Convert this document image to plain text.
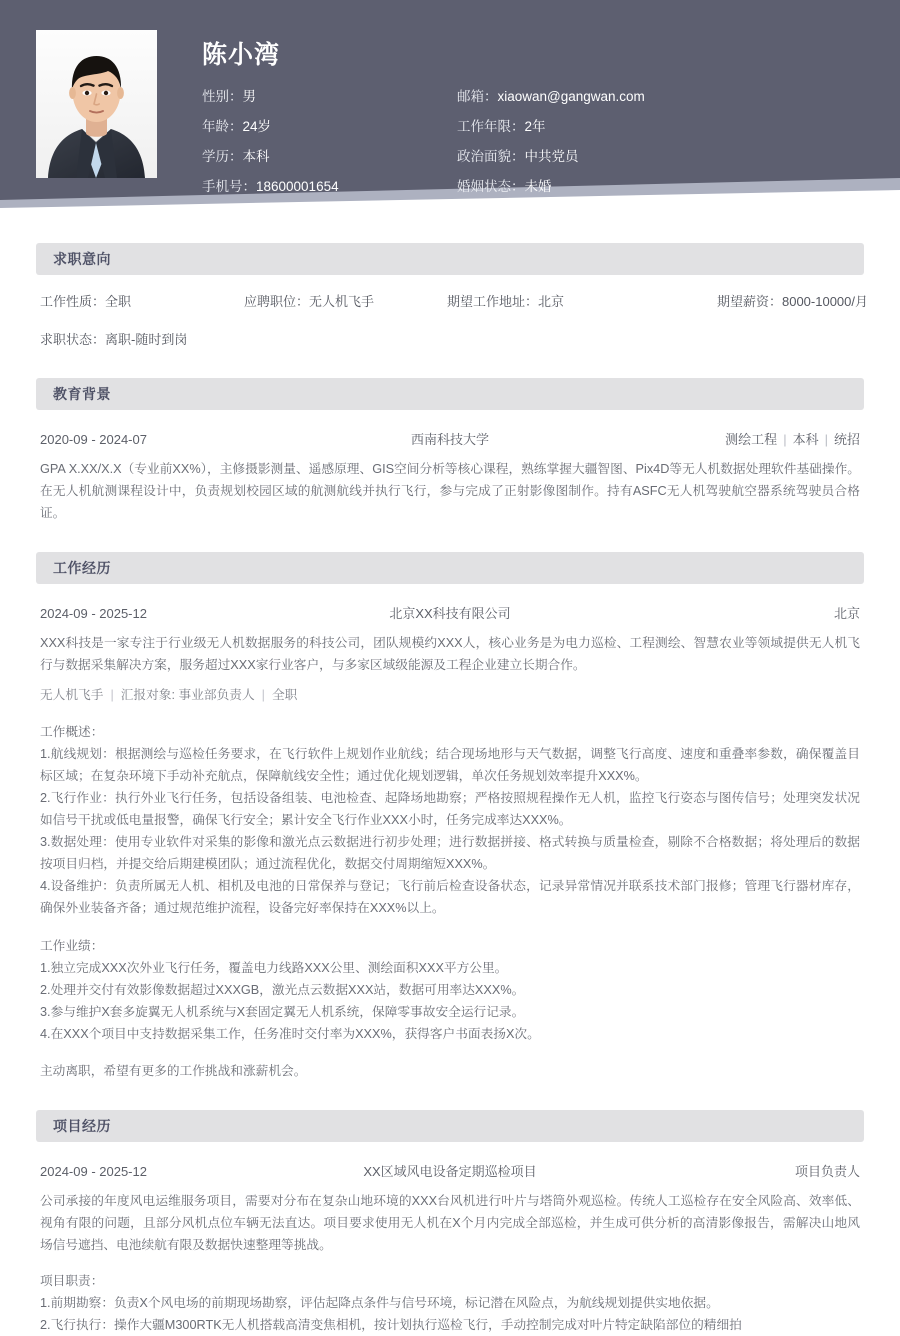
陈小湾
性别：男	邮箱：xiaowan@gangwan.com
年龄：24岁	工作年限：2年
学历：本科	政治面貌：中共党员
手机号：18600001654	婚姻状态：未婚
求职意向
工作性质：全职	应聘职位：无人机飞手	期望工作地址：北京	期望薪资：8000-10000/月
求职状态：离职-随时到岗
教育背景
2020-09 - 2024-07	西南科技大学	测绘工程 | 本科 | 统招
GPA X.XX/X.X（专业前XX%），主修摄影测量、遥感原理、GIS空间分析等核心课程，熟练掌握大疆智图、Pix4D等无人机数据处理软件基础操作。在无人机航测课程设计中，负责规划校园区域的航测航线并执行飞行，参与完成了正射影像图制作。持有ASFC无人机驾驶航空器系统驾驶员合格证。
工作经历
2024-09 - 2025-12	北京XX科技有限公司	北京
XXX科技是一家专注于行业级无人机数据服务的科技公司，团队规模约XXX人，核心业务是为电力巡检、工程测绘、智慧农业等领域提供无人机飞行与数据采集解决方案，服务超过XXX家行业客户，与多家区域级能源及工程企业建立长期合作。
无人机飞手 | 汇报对象: 事业部负责人 | 全职
工作概述：
1.航线规划：根据测绘与巡检任务要求，在飞行软件上规划作业航线；结合现场地形与天气数据，调整飞行高度、速度和重叠率参数，确保覆盖目标区域；在复杂环境下手动补充航点，保障航线安全性；通过优化规划逻辑，单次任务规划效率提升XXX%。
2.飞行作业：执行外业飞行任务，包括设备组装、电池检查、起降场地勘察；严格按照规程操作无人机，监控飞行姿态与图传信号；处理突发状况如信号干扰或低电量报警，确保飞行安全；累计安全飞行作业XXX小时，任务完成率达XXX%。
3.数据处理：使用专业软件对采集的影像和激光点云数据进行初步处理；进行数据拼接、格式转换与质量检查，剔除不合格数据；将处理后的数据按项目归档，并提交给后期建模团队；通过流程优化，数据交付周期缩短XXX%。
4.设备维护：负责所属无人机、相机及电池的日常保养与登记；飞行前后检查设备状态，记录异常情况并联系技术部门报修；管理飞行器材库存，确保外业装备齐备；通过规范维护流程，设备完好率保持在XXX%以上。
工作业绩：
1.独立完成XXX次外业飞行任务，覆盖电力线路XXX公里、测绘面积XXX平方公里。
2.处理并交付有效影像数据超过XXXGB，激光点云数据XXX站，数据可用率达XXX%。
3.参与维护X套多旋翼无人机系统与X套固定翼无人机系统，保障零事故安全运行记录。
4.在XXX个项目中支持数据采集工作，任务准时交付率为XXX%，获得客户书面表扬X次。
主动离职，希望有更多的工作挑战和涨薪机会。
项目经历
2024-09 - 2025-12	XX区域风电设备定期巡检项目	项目负责人
公司承接的年度风电运维服务项目，需要对分布在复杂山地环境的XXX台风机进行叶片与塔筒外观巡检。传统人工巡检存在安全风险高、效率低、视角有限的问题，且部分风机点位车辆无法直达。项目要求使用无人机在X个月内完成全部巡检，并生成可供分析的高清影像报告，需解决山地风场信号遮挡、电池续航有限及数据快速整理等挑战。
项目职责：
1.前期勘察：负责X个风电场的前期现场勘察，评估起降点条件与信号环境，标记潜在风险点，为航线规划提供实地依据。
2.飞行执行：操作大疆M300RTK无人机搭载高清变焦相机，按计划执行巡检飞行，手动控制完成对叶片特定缺陷部位的精细拍
